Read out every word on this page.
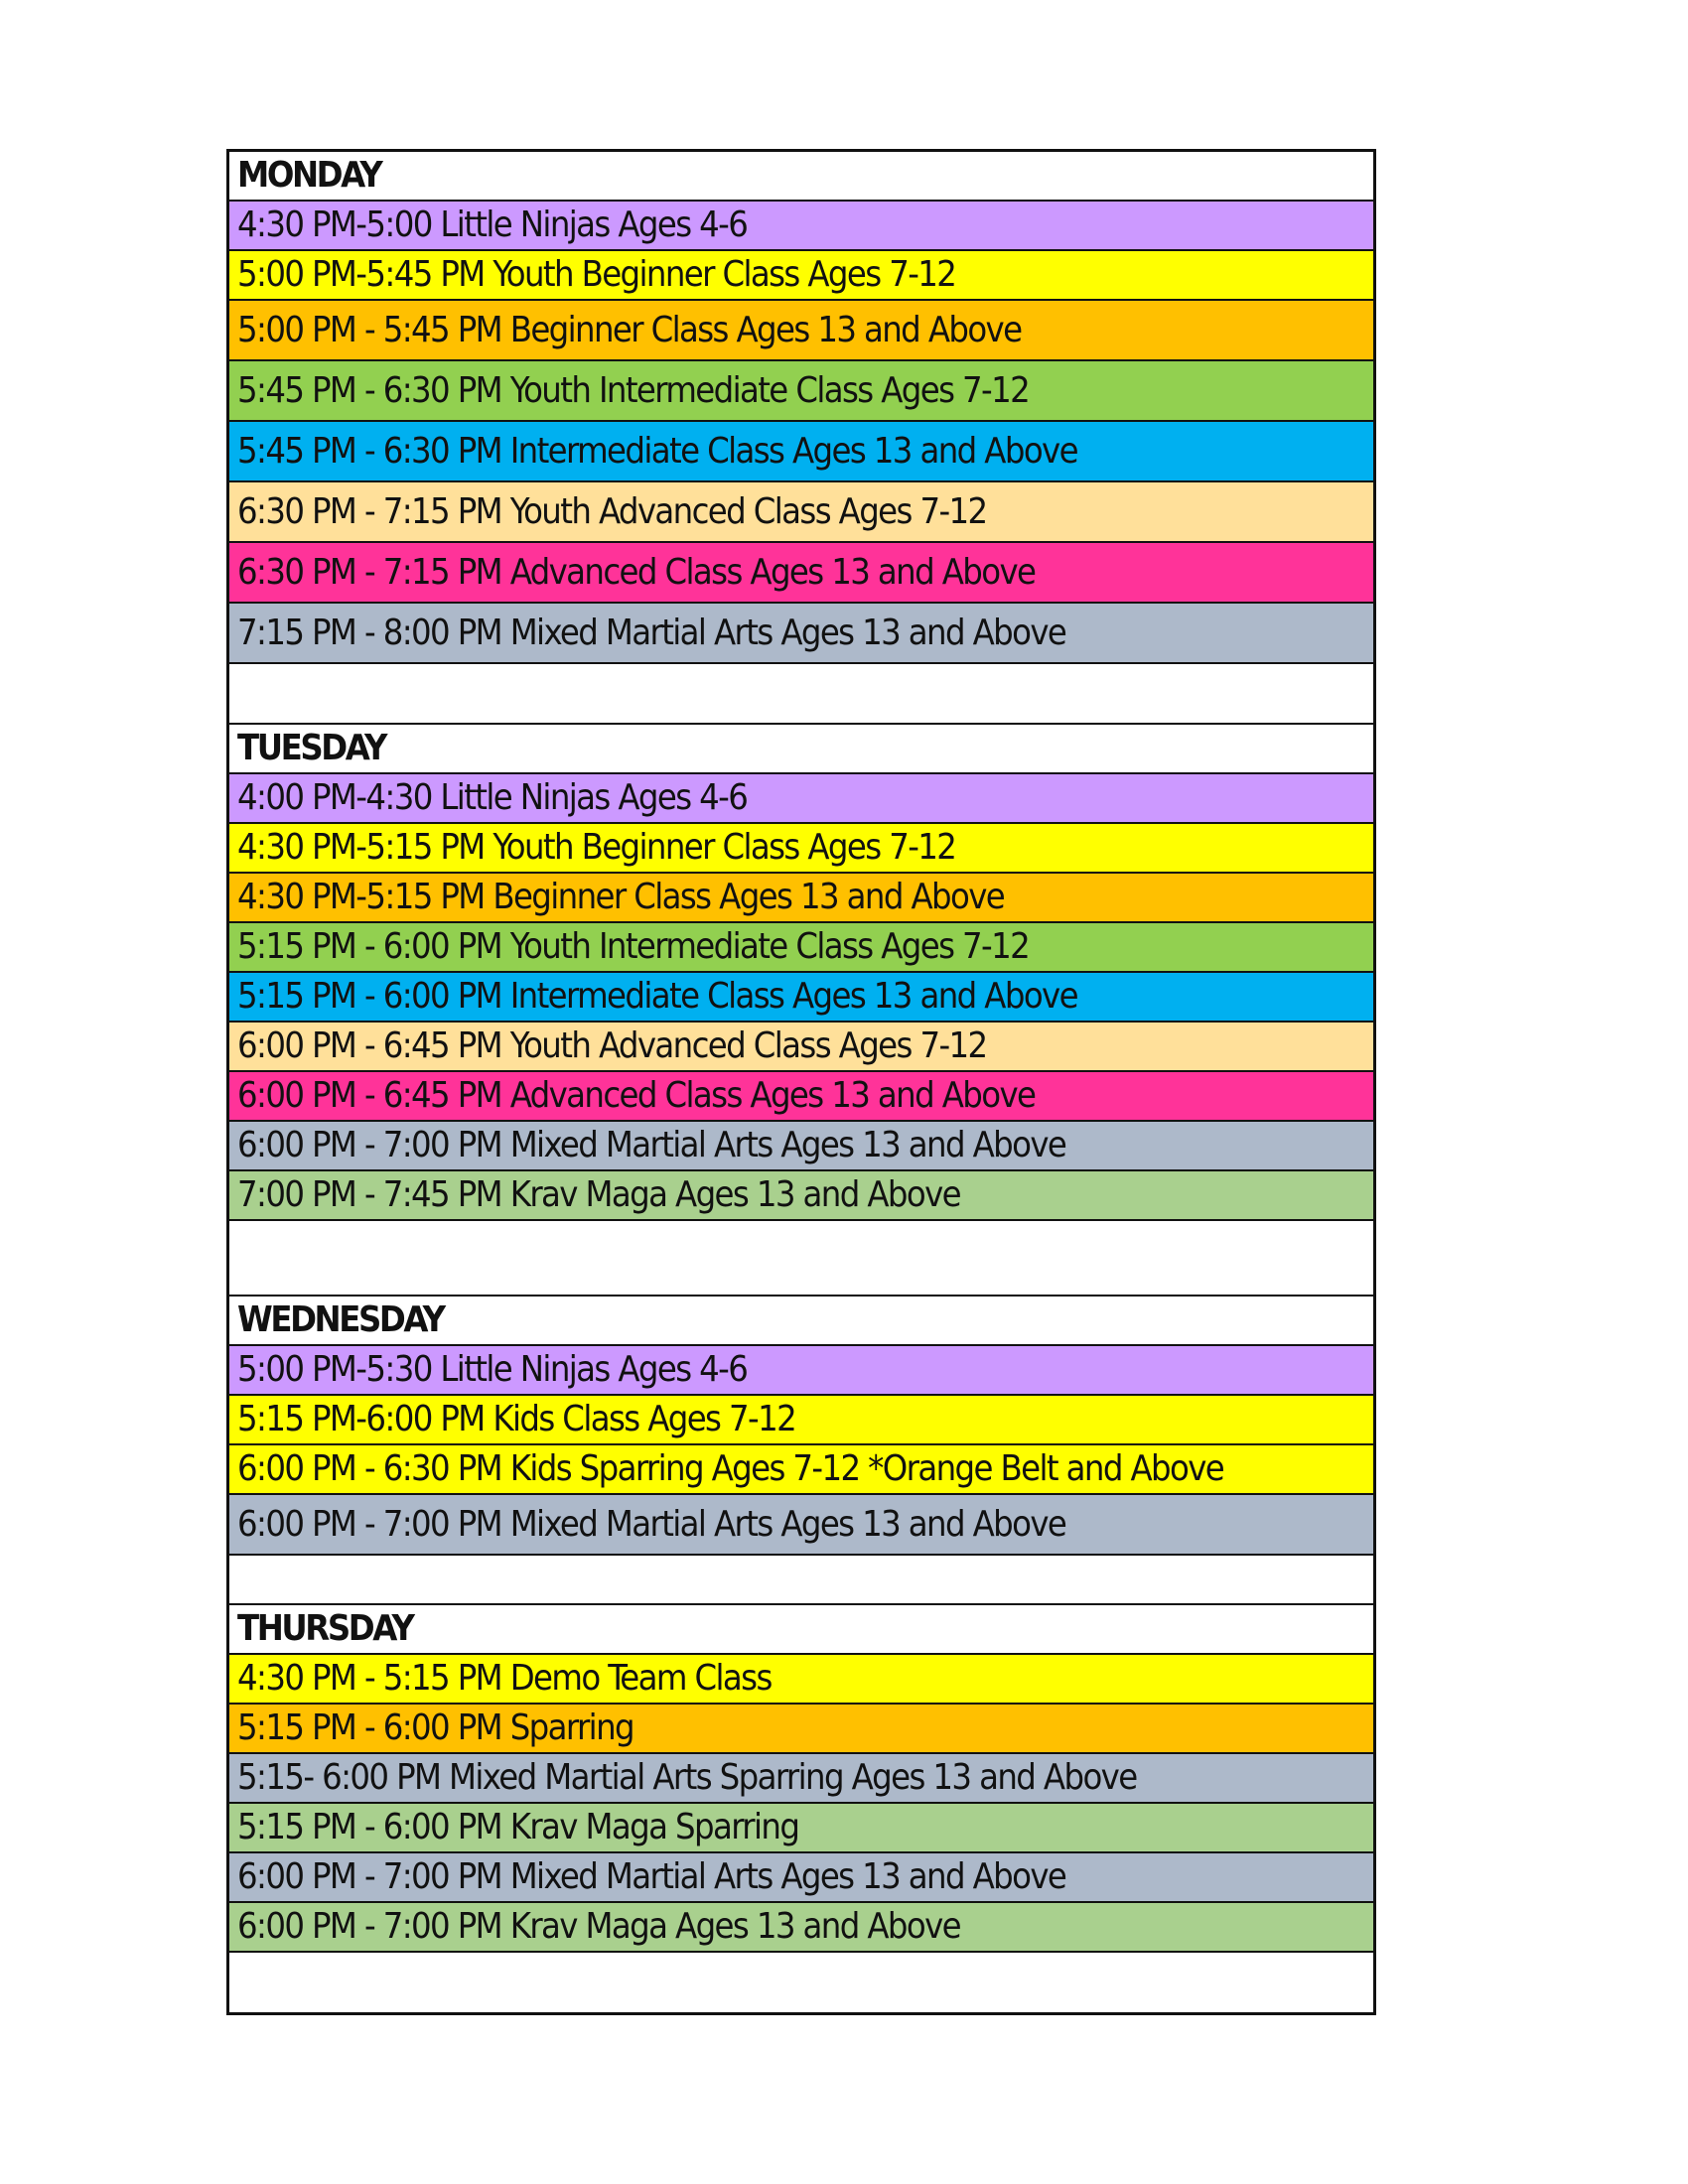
MONDAY
4:30 PM-5:00 Little Ninjas Ages 4-6
5:00 PM-5:45 PM Youth Beginner Class Ages 7-12
5:00 PM - 5:45 PM Beginner Class Ages 13 and Above
5:45 PM - 6:30 PM Youth Intermediate Class Ages 7-12
5:45 PM - 6:30 PM Intermediate Class Ages 13 and Above
6:30 PM - 7:15 PM Youth Advanced Class Ages 7-12
6:30 PM - 7:15 PM Advanced Class Ages 13 and Above
7:15 PM - 8:00 PM Mixed Martial Arts Ages 13 and Above
TUESDAY
4:00 PM-4:30 Little Ninjas Ages 4-6
4:30 PM-5:15 PM Youth Beginner Class Ages 7-12
4:30 PM-5:15 PM Beginner Class Ages 13 and Above
5:15 PM - 6:00 PM Youth Intermediate Class Ages 7-12
5:15 PM - 6:00 PM Intermediate Class Ages 13 and Above
6:00 PM - 6:45 PM Youth Advanced Class Ages 7-12
6:00 PM - 6:45 PM Advanced Class Ages 13 and Above
6:00 PM - 7:00 PM Mixed Martial Arts Ages 13 and Above
7:00 PM - 7:45 PM Krav Maga Ages 13 and Above
WEDNESDAY
5:00 PM-5:30 Little Ninjas Ages 4-6
5:15 PM-6:00 PM Kids Class Ages 7-12
6:00 PM - 6:30 PM Kids Sparring Ages 7-12 *Orange Belt and Above
6:00 PM - 7:00 PM Mixed Martial Arts Ages 13 and Above
THURSDAY
4:30 PM - 5:15 PM Demo Team Class
5:15 PM - 6:00 PM Sparring
5:15- 6:00 PM Mixed Martial Arts Sparring Ages 13 and Above
5:15 PM - 6:00 PM Krav Maga Sparring
6:00 PM - 7:00 PM Mixed Martial Arts Ages 13 and Above
6:00 PM - 7:00 PM Krav Maga Ages 13 and Above
